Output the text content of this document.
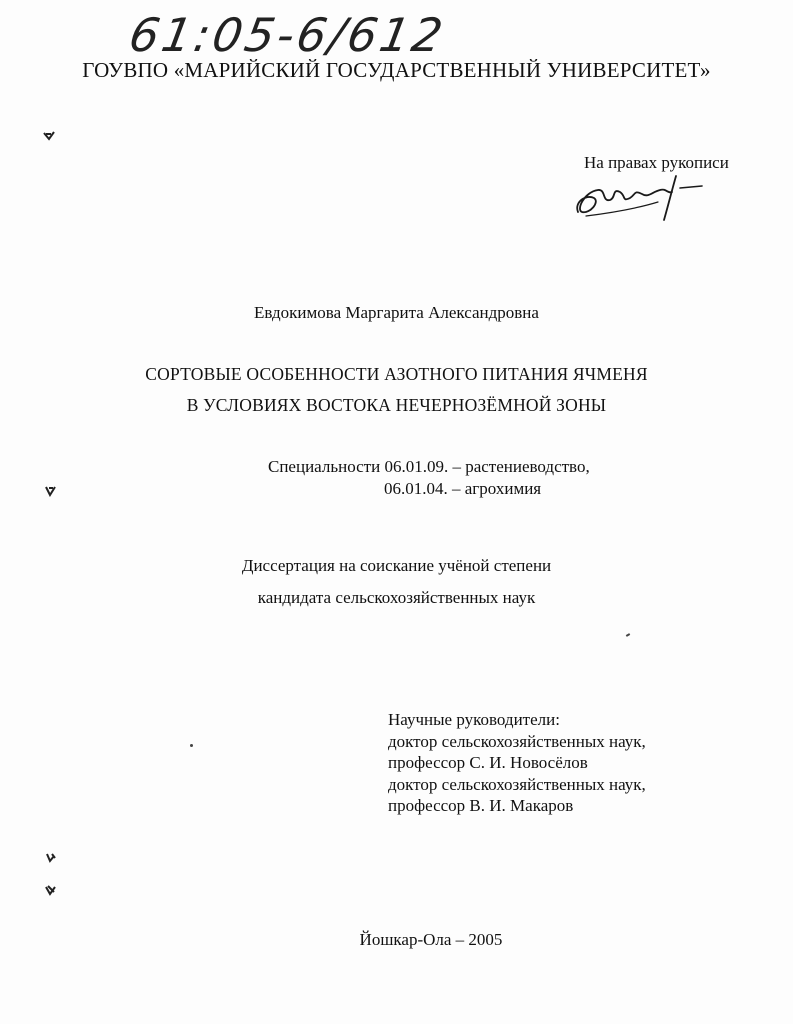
61:05-6/612
ГОУВПО «МАРИЙСКИЙ ГОСУДАРСТВЕННЫЙ УНИВЕРСИТЕТ»
На правах рукописи
Евдокимова Маргарита Александровна
СОРТОВЫЕ ОСОБЕННОСТИ АЗОТНОГО ПИТАНИЯ ЯЧМЕНЯ
В УСЛОВИЯХ ВОСТОКА НЕЧЕРНОЗЁМНОЙ ЗОНЫ
Специальности 06.01.09. – растениеводство,
06.01.04. – агрохимия
Диссертация на соискание учёной степени
кандидата сельскохозяйственных наук
Научные руководители:
доктор сельскохозяйственных наук,
профессор С. И. Новосёлов
доктор сельскохозяйственных наук,
профессор В. И. Макаров
Йошкар-Ола – 2005
